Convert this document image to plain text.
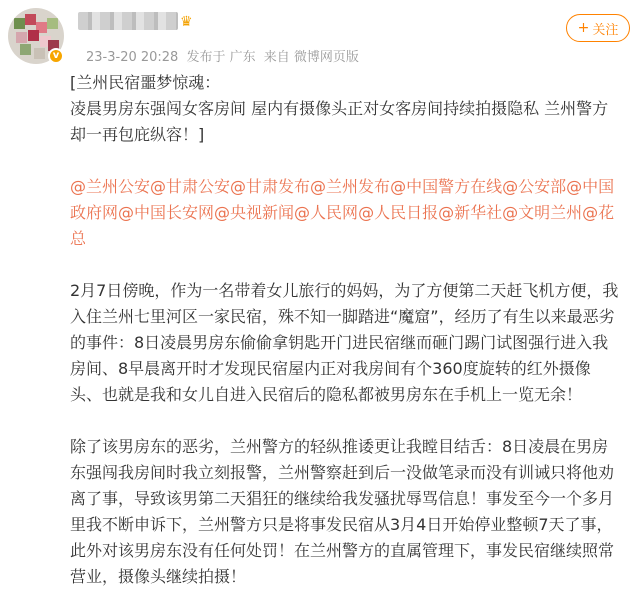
v
♛
23-3-20 20:28 发布于 广东 来自 微博网页版
+ 关注

[兰州民宿噩梦惊魂：

凌晨男房东强闯女客房间 屋内有摄像头正对女客房间持续拍摄隐私 兰州警方却一再包庇纵容！]

@兰州公安@甘肃公安@甘肃发布@兰州发布@中国警方在线@公安部@中国政府网@中国长安网@央视新闻@人民网@人民日报@新华社@文明兰州@花总

2月7日傍晚，作为一名带着女儿旅行的妈妈，为了方便第二天赶飞机方便，我入住兰州七里河区一家民宿，殊不知一脚踏进“魔窟”，经历了有生以来最恶劣的事件：8日凌晨男房东偷偷拿钥匙开门进民宿继而砸门踢门试图强行进入我房间、8早晨离开时才发现民宿屋内正对我房间有个360度旋转的红外摄像头、也就是我和女儿自进入民宿后的隐私都被男房东在手机上一览无余！

除了该男房东的恶劣，兰州警方的轻纵推诿更让我瞠目结舌：8日凌晨在男房东强闯我房间时我立刻报警，兰州警察赶到后一没做笔录而没有训诫只将他劝离了事，导致该男第二天猖狂的继续给我发骚扰辱骂信息！事发至今一个多月里我不断申诉下，兰州警方只是将事发民宿从3月4日开始停业整顿7天了事，此外对该男房东没有任何处罚！在兰州警方的直属管理下，事发民宿继续照常营业，摄像头继续拍摄！
